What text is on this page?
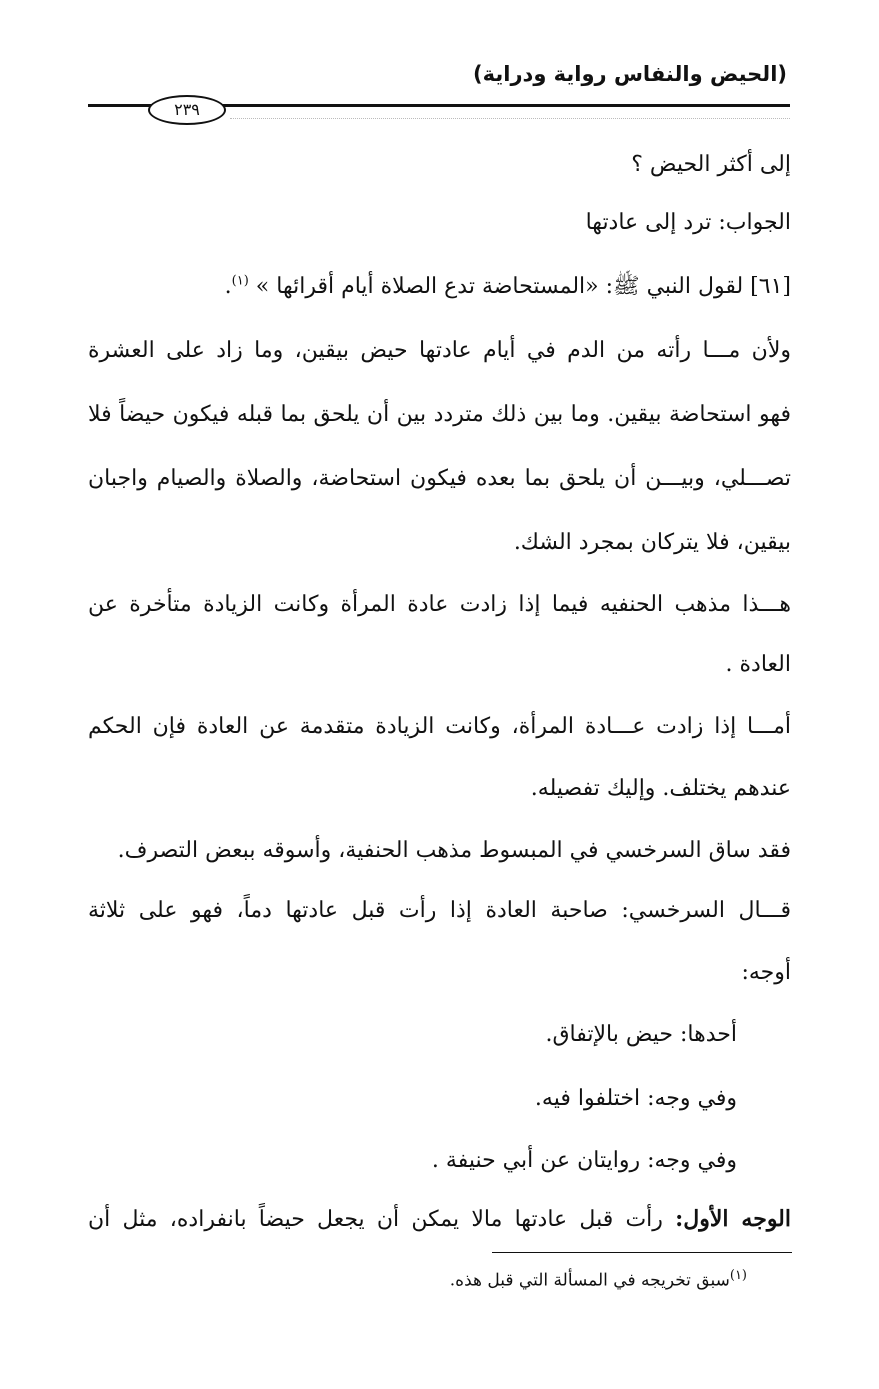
(الحيض والنفاس رواية ودراية)
٢٣٩
إلى أكثر الحيض ؟
الجواب: ترد إلى عادتها
[٦١] لقول النبي ﷺ: «المستحاضة تدع الصلاة أيام أقرائها » $^{(١)}$.
ولأن مـــا رأته من الدم في أيام عادتها حيض بيقين، وما زاد على العشرة
فهو استحاضة بيقين. وما بين ذلك متردد بين أن يلحق بما قبله فيكون حيضاً فلا
تصـــلي، وبيـــن أن يلحق بما بعده فيكون استحاضة، والصلاة والصيام واجبان
بيقين، فلا يتركان بمجرد الشك.
هـــذا مذهب الحنفيه فيما إذا زادت عادة المرأة وكانت الزيادة متأخرة عن
العادة .
أمـــا إذا زادت عـــادة المرأة، وكانت الزيادة متقدمة عن العادة فإن الحكم
عندهم يختلف. وإليك تفصيله.
فقد ساق السرخسي في المبسوط مذهب الحنفية، وأسوقه ببعض التصرف.
قـــال السرخسي: صاحبة العادة إذا رأت قبل عادتها دماً، فهو على ثلاثة
أوجه:
أحدها: حيض بالإتفاق.
وفي وجه: اختلفوا فيه.
وفي وجه: روايتان عن أبي حنيفة .
الوجه الأول: رأت قبل عادتها مالا يمكن أن يجعل حيضاً بانفراده، مثل أن
$^{(١)}$سبق تخريجه في المسألة التي قبل هذه.
